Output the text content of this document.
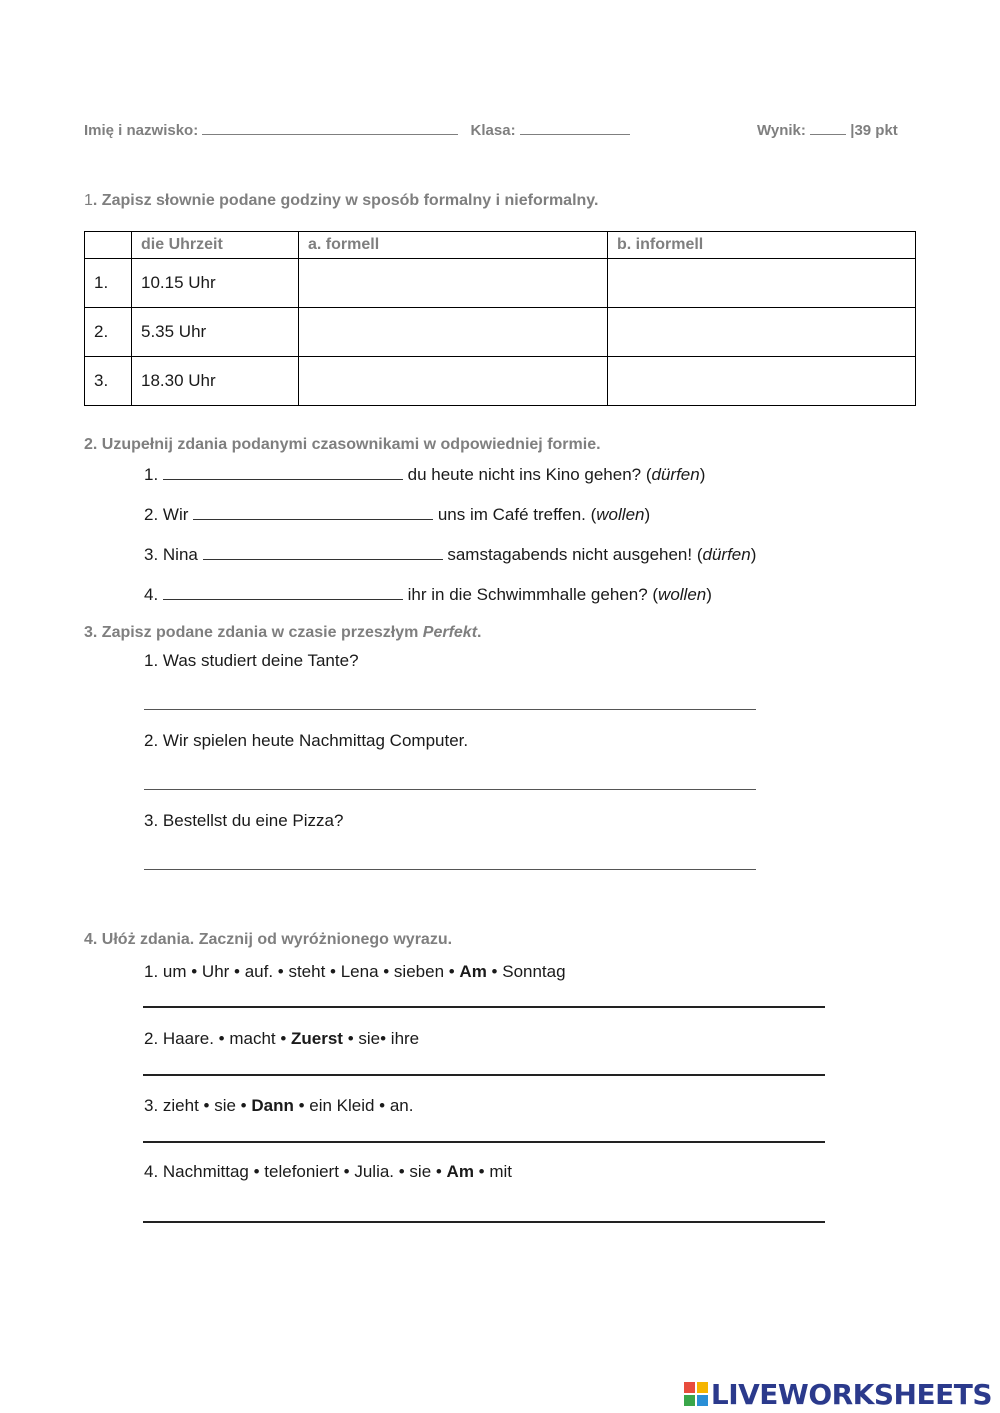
Imię i nazwisko:	Klasa:	Wynik:	|39 pkt
1. Zapisz słownie podane godziny w sposób formalny i nieformalny.
	die Uhrzeit	a. formell	b. informell
1.	10.15 Uhr		
2.	5.35 Uhr		
3.	18.30 Uhr		
2. Uzupełnij zdania podanymi czasownikami w odpowiedniej formie.
1.	du heute nicht ins Kino gehen? (dürfen)
2. Wir	uns im Café treffen. (wollen)
3. Nina	samstagabends nicht ausgehen! (dürfen)
4.	ihr in die Schwimmhalle gehen? (wollen)
3. Zapisz podane zdania w czasie przeszłym Perfekt.
1. Was studiert deine Tante?
2. Wir spielen heute Nachmittag Computer.
3. Bestellst du eine Pizza?
4. Ułóż zdania. Zacznij od wyróżnionego wyrazu.
1. um • Uhr • auf. • steht • Lena • sieben • Am • Sonntag
2. Haare. • macht • Zuerst • sie• ihre
3. zieht • sie • Dann • ein Kleid • an.
4. Nachmittag • telefoniert • Julia. • sie • Am • mit
LIVEWORKSHEETS
